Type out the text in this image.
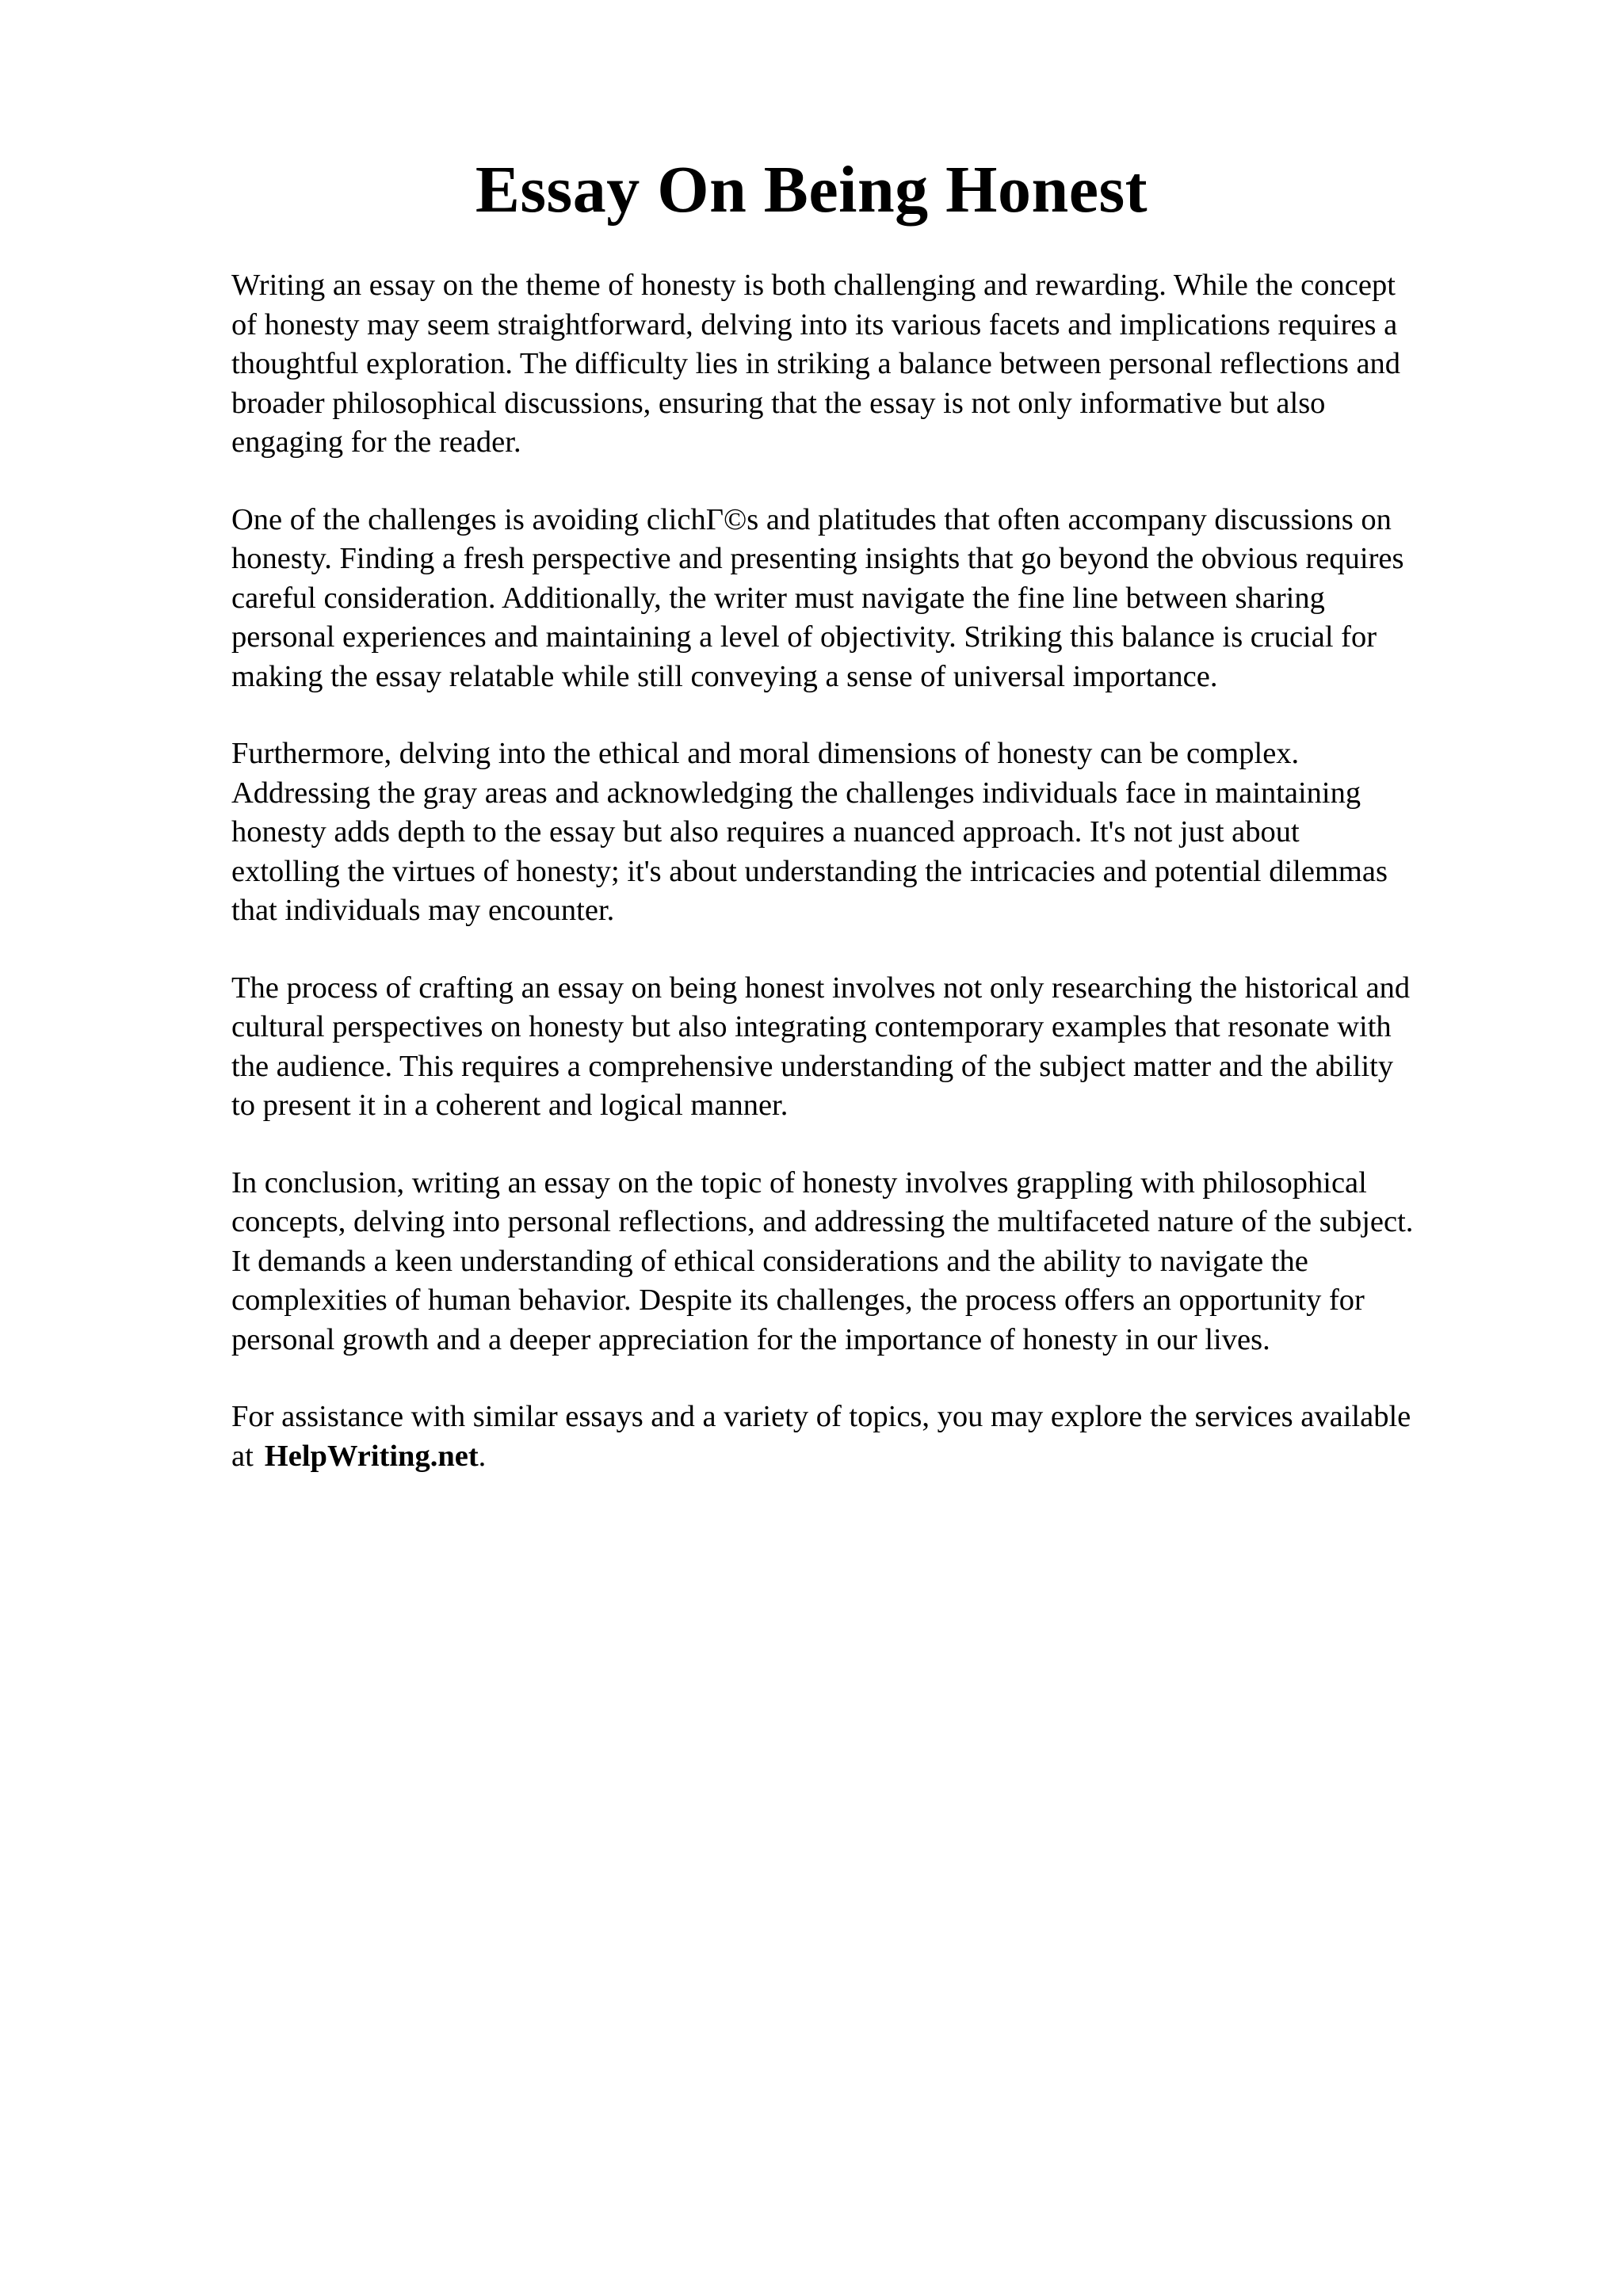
Essay On Being Honest

Writing an essay on the theme of honesty is both challenging and rewarding. While the concept
of honesty may seem straightforward, delving into its various facets and implications requires a
thoughtful exploration. The difficulty lies in striking a balance between personal reflections and
broader philosophical discussions, ensuring that the essay is not only informative but also
engaging for the reader.

One of the challenges is avoiding clichΓ©s and platitudes that often accompany discussions on
honesty. Finding a fresh perspective and presenting insights that go beyond the obvious requires
careful consideration. Additionally, the writer must navigate the fine line between sharing
personal experiences and maintaining a level of objectivity. Striking this balance is crucial for
making the essay relatable while still conveying a sense of universal importance.

Furthermore, delving into the ethical and moral dimensions of honesty can be complex.
Addressing the gray areas and acknowledging the challenges individuals face in maintaining
honesty adds depth to the essay but also requires a nuanced approach. It's not just about
extolling the virtues of honesty; it's about understanding the intricacies and potential dilemmas
that individuals may encounter.

The process of crafting an essay on being honest involves not only researching the historical and
cultural perspectives on honesty but also integrating contemporary examples that resonate with
the audience. This requires a comprehensive understanding of the subject matter and the ability
to present it in a coherent and logical manner.

In conclusion, writing an essay on the topic of honesty involves grappling with philosophical
concepts, delving into personal reflections, and addressing the multifaceted nature of the subject.
It demands a keen understanding of ethical considerations and the ability to navigate the
complexities of human behavior. Despite its challenges, the process offers an opportunity for
personal growth and a deeper appreciation for the importance of honesty in our lives.

For assistance with similar essays and a variety of topics, you may explore the services available
at HelpWriting.net.
